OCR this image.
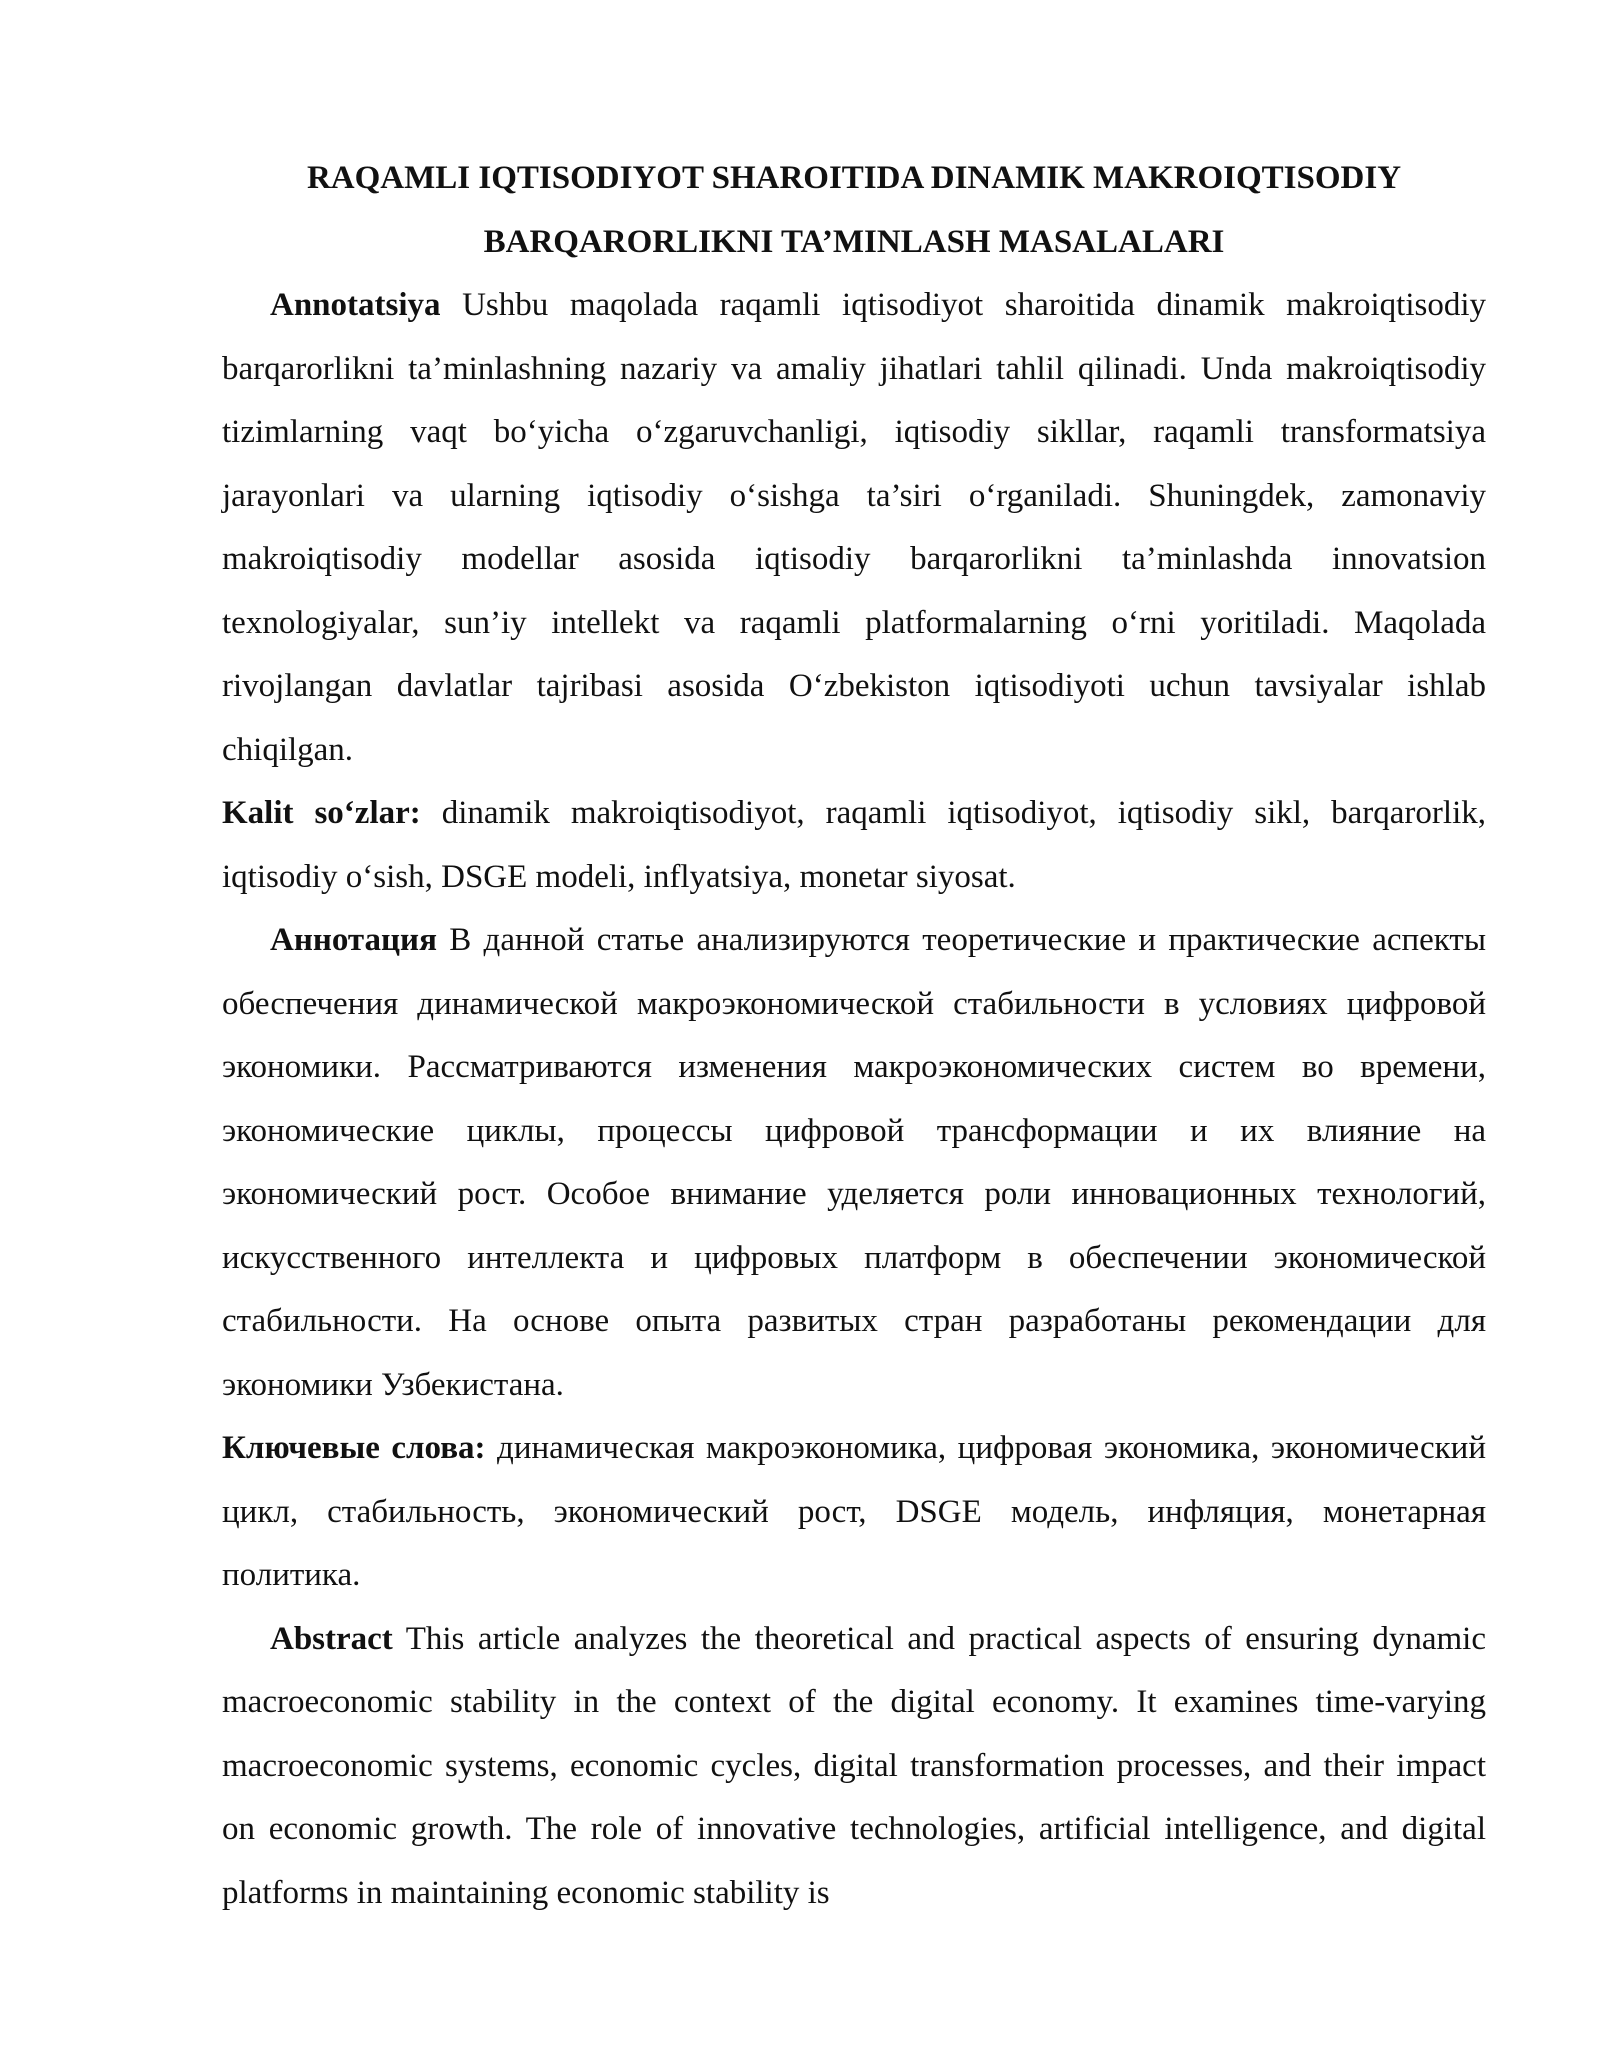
RAQAMLI IQTISODIYOT SHAROITIDA DINAMIK MAKROIQTISODIY
BARQARORLIKNI TA’MINLASH MASALALARI

Annotatsiya Ushbu maqolada raqamli iqtisodiyot sharoitida dinamik makroiqtisodiy barqarorlikni ta’minlashning nazariy va amaliy jihatlari tahlil qilinadi. Unda makroiqtisodiy tizimlarning vaqt bo‘yicha o‘zgaruvchanligi, iqtisodiy sikllar, raqamli transformatsiya jarayonlari va ularning iqtisodiy o‘sishga ta’siri o‘rganiladi. Shuningdek, zamonaviy makroiqtisodiy modellar asosida iqtisodiy barqarorlikni ta’minlashda innovatsion texnologiyalar, sun’iy intellekt va raqamli platformalarning o‘rni yoritiladi. Maqolada rivojlangan davlatlar tajribasi asosida O‘zbekiston iqtisodiyoti uchun tavsiyalar ishlab chiqilgan.

Kalit so‘zlar: dinamik makroiqtisodiyot, raqamli iqtisodiyot, iqtisodiy sikl, barqarorlik, iqtisodiy o‘sish, DSGE modeli, inflyatsiya, monetar siyosat.

Аннотация В данной статье анализируются теоретические и практические аспекты обеспечения динамической макроэкономической стабильности в условиях цифровой экономики. Рассматриваются изменения макроэкономических систем во времени, экономические циклы, процессы цифровой трансформации и их влияние на экономический рост. Особое внимание уделяется роли инновационных технологий, искусственного интеллекта и цифровых платформ в обеспечении экономической стабильности. На основе опыта развитых стран разработаны рекомендации для экономики Узбекистана.

Ключевые слова: динамическая макроэкономика, цифровая экономика, экономический цикл, стабильность, экономический рост, DSGE модель, инфляция, монетарная политика.

Abstract This article analyzes the theoretical and practical aspects of ensuring dynamic macroeconomic stability in the context of the digital economy. It examines time-varying macroeconomic systems, economic cycles, digital transformation processes, and their impact on economic growth. The role of innovative technologies, artificial intelligence, and digital platforms in maintaining economic stability is
